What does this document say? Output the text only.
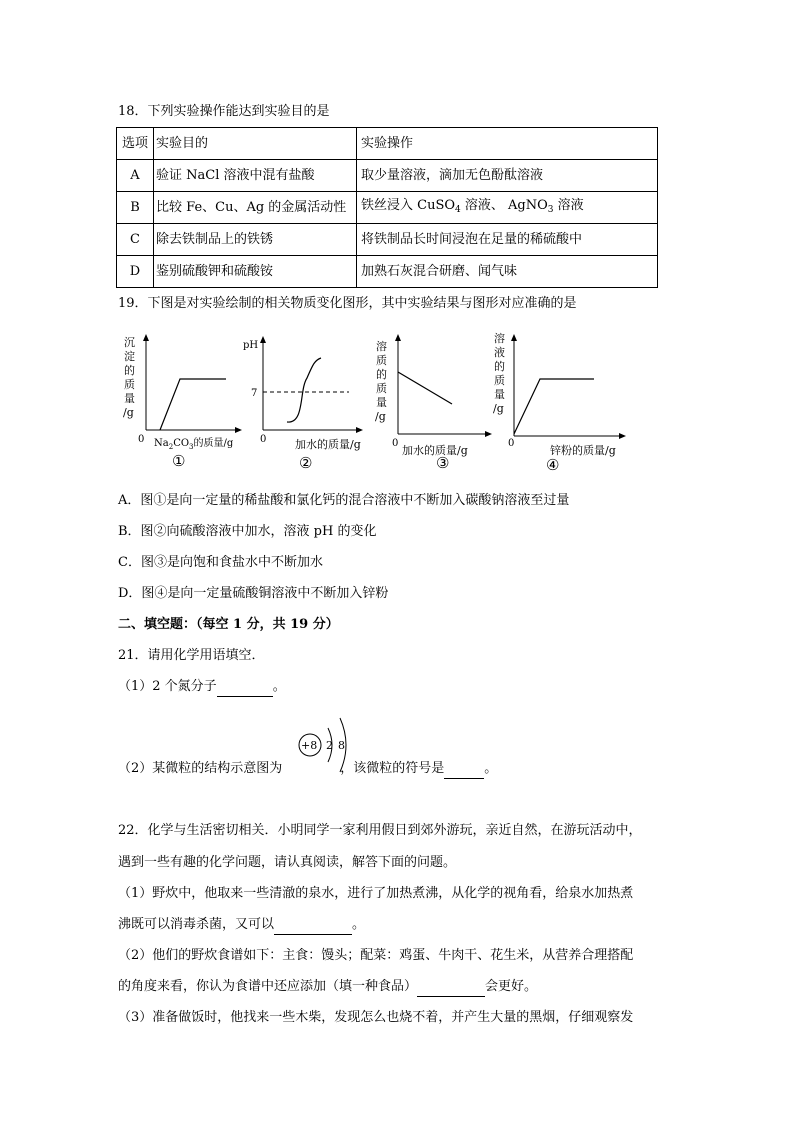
18．下列实验操作能达到实验目的是
选项	实验目的	实验操作
A	验证 NaCl 溶液中混有盐酸	取少量溶液，滴加无色酚酞溶液
B	比较 Fe、Cu、Ag 的金属活动性	铁丝浸入 CuSO$_4$ 溶液、 AgNO$_3$ 溶液
C	除去铁制品上的铁锈	将铁制品长时间浸泡在足量的稀硫酸中
D	鉴别硫酸钾和硫酸铵	加熟石灰混合研磨、闻气味
19．下图是对实验绘制的相关物质变化图形，其中实验结果与图形对应准确的是
沉
淀
的
质
量
/g
0 $Na_2CO_3$的质量/g
①
pH
7
0	加水的质量/g
②
溶
质
的
质
量
/g
0
加水的质量/g
③
溶
液
的
质
量
/g
0
锌粉的质量/g
④
A．图①是向一定量的稀盐酸和氯化钙的混合溶液中不断加入碳酸钠溶液至过量
B．图②向硫酸溶液中加水，溶液 pH 的变化
C．图③是向饱和食盐水中不断加水
D．图④是向一定量硫酸铜溶液中不断加入锌粉
二、填空题：（每空 1 分，共 19 分）
21．请用化学用语填空．
（1）2 个氮分子	。
（2）某微粒的结构示意图为	，该微粒的符号是	。
+8 2 8
22．化学与生活密切相关．小明同学一家利用假日到郊外游玩，亲近自然，在游玩活动中，
遇到一些有趣的化学问题，请认真阅读，解答下面的问题。
（1）野炊中，他取来一些清澈的泉水，进行了加热煮沸，从化学的视角看，给泉水加热煮
沸既可以消毒杀菌，又可以	。
（2）他们的野炊食谱如下：主食：馒头；配菜：鸡蛋、牛肉干、花生米，从营养合理搭配
的角度来看，你认为食谱中还应添加（填一种食品）	会更好。
（3）准备做饭时，他找来一些木柴，发现怎么也烧不着，并产生大量的黑烟，仔细观察发
